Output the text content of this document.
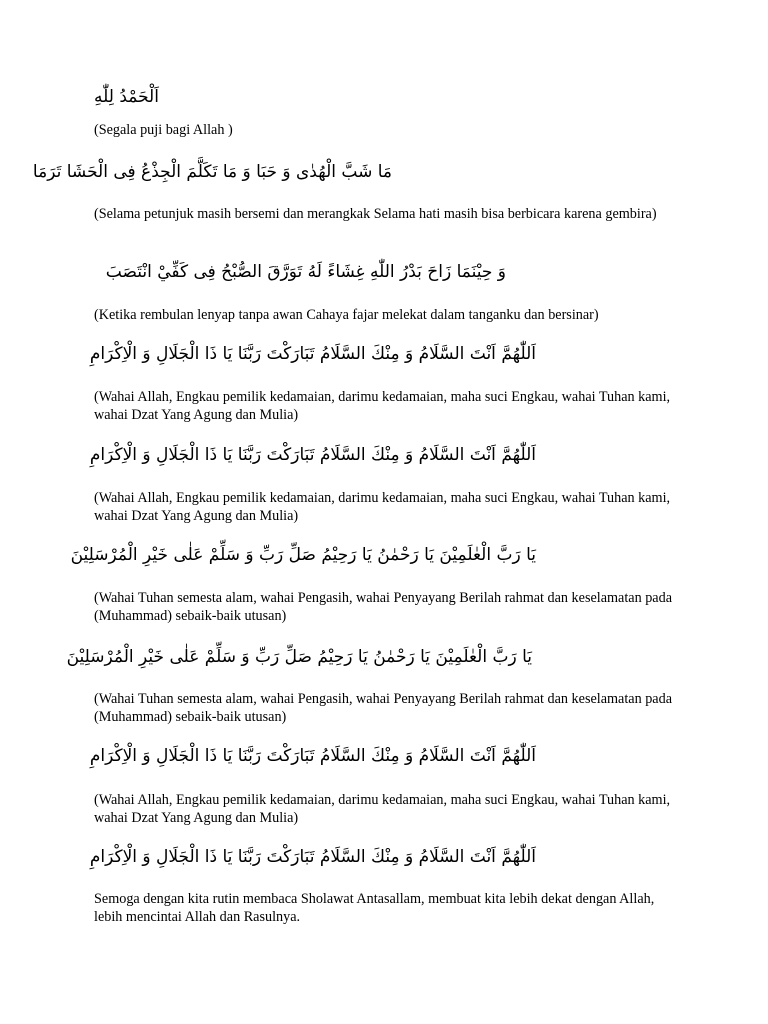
اَلْحَمْدُ لِلّٰهِ
(Segala puji bagi Allah )
مَا شَبَّ الْهُدٰى وَ حَبَا وَ مَا تَكَلَّمَ الْجِذْعُ فِى الْحَشَا تَرَمَا
(Selama petunjuk masih bersemi dan merangkak Selama hati masih bisa berbicara karena gembira)
وَ حِيْنَمَا زَاحَ بَدْرُ اللّٰهِ غِشَاءً لَهُ تَوَرَّقَ الصُّبْحُ فِى كَفِّيْ انْتَصَبَ
(Ketika rembulan lenyap tanpa awan Cahaya fajar melekat dalam tanganku dan bersinar)
اَللّٰهُمَّ اَنْتَ السَّلَامُ وَ مِنْكَ السَّلَامُ تَبَارَكْتَ رَبَّنَا يَا ذَا الْجَلَالِ وَ الْاِكْرَامِ
(Wahai Allah, Engkau pemilik kedamaian, darimu kedamaian, maha suci Engkau, wahai Tuhan kami, wahai Dzat Yang Agung dan Mulia)
اَللّٰهُمَّ اَنْتَ السَّلَامُ وَ مِنْكَ السَّلَامُ تَبَارَكْتَ رَبَّنَا يَا ذَا الْجَلَالِ وَ الْاِكْرَامِ
(Wahai Allah, Engkau pemilik kedamaian, darimu kedamaian, maha suci Engkau, wahai Tuhan kami, wahai Dzat Yang Agung dan Mulia)
يَا رَبَّ الْعٰلَمِيْنَ يَا رَحْمٰنُ يَا رَحِيْمُ صَلِّ رَبِّ وَ سَلِّمْ عَلٰى خَيْرِ الْمُرْسَلِيْنَ
(Wahai Tuhan semesta alam, wahai Pengasih, wahai Penyayang Berilah rahmat dan keselamatan pada (Muhammad) sebaik-baik utusan)
يَا رَبَّ الْعٰلَمِيْنَ يَا رَحْمٰنُ يَا رَحِيْمُ صَلِّ رَبِّ وَ سَلِّمْ عَلٰى خَيْرِ الْمُرْسَلِيْنَ
(Wahai Tuhan semesta alam, wahai Pengasih, wahai Penyayang Berilah rahmat dan keselamatan pada (Muhammad) sebaik-baik utusan)
اَللّٰهُمَّ اَنْتَ السَّلَامُ وَ مِنْكَ السَّلَامُ تَبَارَكْتَ رَبَّنَا يَا ذَا الْجَلَالِ وَ الْاِكْرَامِ
(Wahai Allah, Engkau pemilik kedamaian, darimu kedamaian, maha suci Engkau, wahai Tuhan kami, wahai Dzat Yang Agung dan Mulia)
اَللّٰهُمَّ اَنْتَ السَّلَامُ وَ مِنْكَ السَّلَامُ تَبَارَكْتَ رَبَّنَا يَا ذَا الْجَلَالِ وَ الْاِكْرَامِ
Semoga dengan kita rutin membaca Sholawat Antasallam, membuat kita lebih dekat dengan Allah, lebih mencintai Allah dan Rasulnya.
